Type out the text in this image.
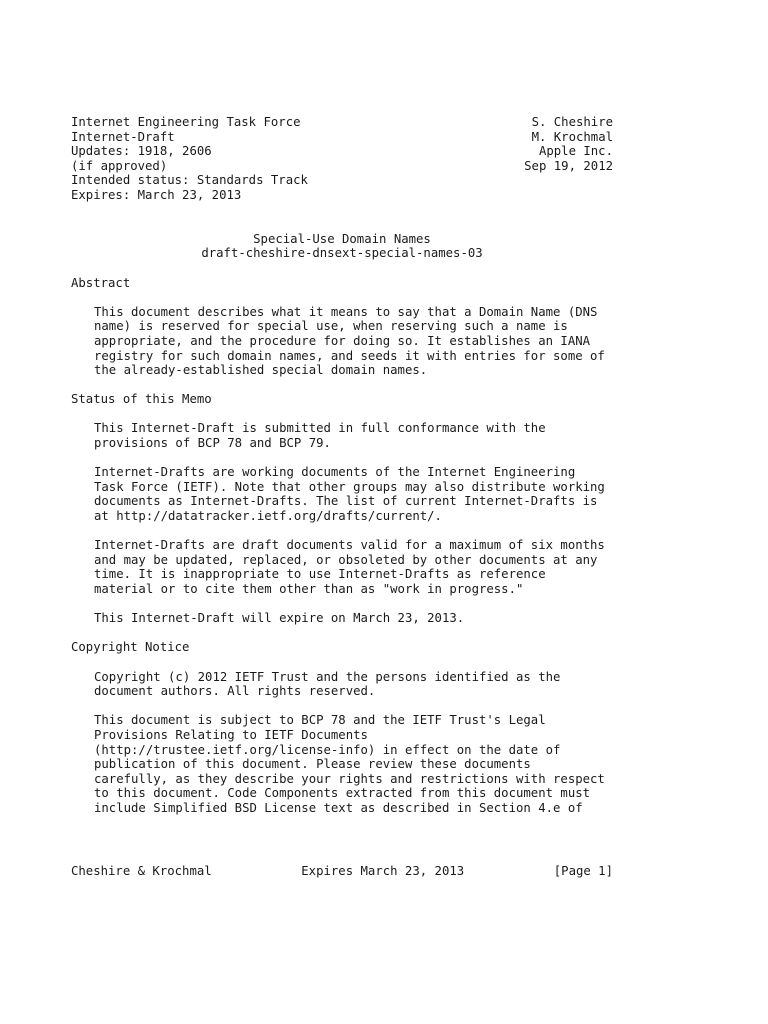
Internet Engineering Task Force	S. Cheshire
Internet-Draft	M. Krochmal
Updates: 1918, 2606	Apple Inc.
(if approved)	Sep 19, 2012
Intended status: Standards Track
Expires: March 23, 2013
Special-Use Domain Names
draft-cheshire-dnsext-special-names-03
Abstract
This document describes what it means to say that a Domain Name (DNS
name) is reserved for special use, when reserving such a name is
appropriate, and the procedure for doing so. It establishes an IANA
registry for such domain names, and seeds it with entries for some of
the already-established special domain names.
Status of this Memo
This Internet-Draft is submitted in full conformance with the
provisions of BCP 78 and BCP 79.
Internet-Drafts are working documents of the Internet Engineering
Task Force (IETF). Note that other groups may also distribute working
documents as Internet-Drafts. The list of current Internet-Drafts is
at http://datatracker.ietf.org/drafts/current/.
Internet-Drafts are draft documents valid for a maximum of six months
and may be updated, replaced, or obsoleted by other documents at any
time. It is inappropriate to use Internet-Drafts as reference
material or to cite them other than as "work in progress."
This Internet-Draft will expire on March 23, 2013.
Copyright Notice
Copyright (c) 2012 IETF Trust and the persons identified as the
document authors. All rights reserved.
This document is subject to BCP 78 and the IETF Trust's Legal
Provisions Relating to IETF Documents
(http://trustee.ietf.org/license-info) in effect on the date of
publication of this document. Please review these documents
carefully, as they describe your rights and restrictions with respect
to this document. Code Components extracted from this document must
include Simplified BSD License text as described in Section 4.e of
Cheshire & Krochmal	Expires March 23, 2013	[Page 1]
